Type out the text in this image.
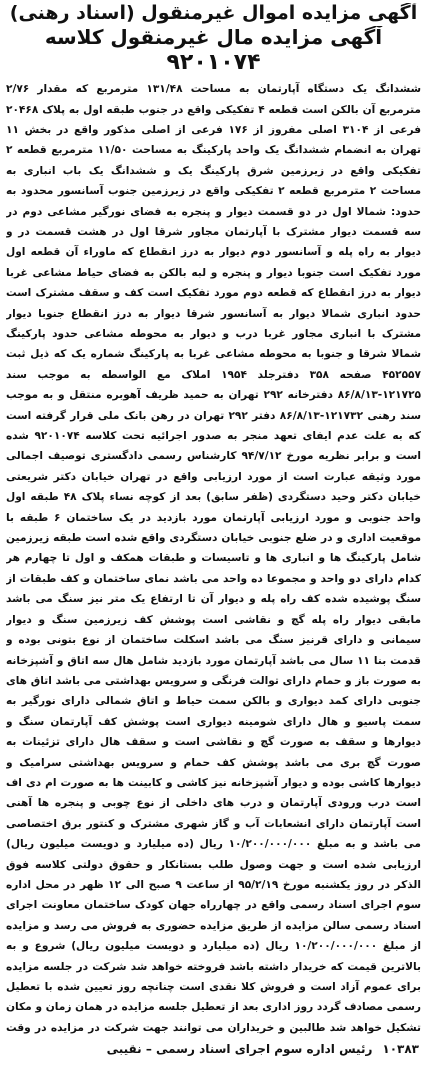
آگهی مزایده اموال غیرمنقول (اسناد رهنی)
آگهی مزایده مال غیرمنقول کلاسه
۹۲۰۱۰۷۴
ششدانگ یک دستگاه آپارتمان به مساحت ۱۳۱/۴۸ مترمربع که مقدار ۲/۷۶ مترمربع آن بالکن است قطعه ۴ تفکیکی واقع در جنوب طبقه اول به پلاک ۲۰۴۶۸ فرعی از ۳۱۰۴ اصلی مفروز از ۱۷۶ فرعی از اصلی مذکور واقع در بخش ۱۱ تهران به انضمام ششدانگ یک واحد پارکینگ به مساحت ۱۱/۵۰ مترمربع قطعه ۲ تفکیکی واقع در زیرزمین شرق پارکینگ یک و ششدانگ یک باب انباری به مساحت ۲ مترمربع قطعه ۲ تفکیکی واقع در زیرزمین جنوب آسانسور محدود به حدود: شمالا اول در دو قسمت دیوار و پنجره به فضای نورگیر مشاعی دوم در سه قسمت دیوار مشترک با آپارتمان مجاور شرقا اول در هشت قسمت در و دیوار به راه پله و آسانسور دوم دیوار به درز انقطاع که ماوراء آن قطعه اول مورد تفکیک است جنوبا دیوار و پنجره و لبه بالکن به فضای حیاط مشاعی غربا دیوار به درز انقطاع که قطعه دوم مورد تفکیک است کف و سقف مشترک است حدود انباری شمالا دیوار به آسانسور شرقا دیوار به درز انقطاع جنوبا دیوار مشترک با انباری مجاور غربا درب و دیوار به محوطه مشاعی حدود پارکینگ شمالا شرقا و جنوبا به محوطه مشاعی غربا به پارکینگ شماره یک که ذیل ثبت ۴۵۲۵۵۷ صفحه ۳۵۸ دفترجلد ۱۹۵۴ املاک مع الواسطه به موجب سند ۱۲۱۷۲۵-۸۶/۸/۱۳ دفترخانه ۲۹۲ تهران به حمید ظریف آهوبره منتقل و به موجب سند رهنی ۱۲۱۷۳۲-۸۶/۸/۱۳ دفتر ۲۹۲ تهران در رهن بانک ملی قرار گرفته است که به علت عدم ایفای تعهد منجر به صدور اجرائیه تحت کلاسه ۹۲۰۱۰۷۴ شده است و برابر نظریه مورخ ۹۴/۷/۱۲ کارشناس رسمی دادگستری توصیف اجمالی مورد وثیقه عبارت است از مورد ارزیابی واقع در تهران خیابان دکتر شریعتی خیابان دکتر وحید دستگردی (ظفر سابق) بعد از کوچه نساء پلاک ۴۸ طبقه اول واحد جنوبی و مورد ارزیابی آپارتمان مورد بازدید در یک ساختمان ۶ طبقه با موقعیت اداری و در ضلع جنوبی خیابان دستگردی واقع شده است طبقه زیرزمین شامل پارکینگ ها و انباری ها و تاسیسات و طبقات همکف و اول تا چهارم هر کدام دارای دو واحد و مجموعا ده واحد می باشد نمای ساختمان و کف طبقات از سنگ پوشیده شده کف راه پله و دیوار آن تا ارتفاع یک متر نیز سنگ می باشد مابقی دیوار راه پله گچ و نقاشی است پوشش کف زیرزمین سنگ و دیوار سیمانی و دارای قرنیز سنگ می باشد اسکلت ساختمان از نوع بتونی بوده و قدمت بنا ۱۱ سال می باشد آپارتمان مورد بازدید شامل هال سه اتاق و آشپزخانه به صورت باز و حمام دارای توالت فرنگی و سرویس بهداشتی می باشد اتاق های جنوبی دارای کمد دیواری و بالکن سمت حیاط و اتاق شمالی دارای نورگیر به سمت پاسیو و هال دارای شومینه دیواری است پوشش کف آپارتمان سنگ و دیوارها و سقف به صورت گچ و نقاشی است و سقف هال دارای تزئینات به صورت گچ بری می باشد پوشش کف حمام و سرویس بهداشتی سرامیک و دیوارها کاشی بوده و دیوار آشپزخانه نیز کاشی و کابینت ها به صورت ام دی اف است درب ورودی آپارتمان و درب های داخلی از نوع چوبی و پنجره ها آهنی است آپارتمان دارای انشعابات آب و گاز شهری مشترک و کنتور برق اختصاصی می باشد و به مبلغ ۱۰/۲۰۰/۰۰۰/۰۰۰ ریال (ده میلیارد و دویست میلیون ریال) ارزیابی شده است و جهت وصول طلب بستانکار و حقوق دولتی کلاسه فوق الذکر در روز یکشنبه مورخ ۹۵/۲/۱۹ از ساعت ۹ صبح الی ۱۲ ظهر در محل اداره سوم اجرای اسناد رسمی واقع در چهارراه جهان کودک ساختمان معاونت اجرای اسناد رسمی سالن مزایده از طریق مزایده حضوری به فروش می رسد و مزایده از مبلغ ۱۰/۲۰۰/۰۰۰/۰۰۰ ریال (ده میلیارد و دویست میلیون ریال) شروع و به بالاترین قیمت که خریدار داشته باشد فروخته خواهد شد شرکت در جلسه مزایده برای عموم آزاد است و فروش کلا نقدی است چنانچه روز تعیین شده با تعطیل رسمی مصادف گردد روز اداری بعد از تعطیل جلسه مزایده در همان زمان و مکان تشکیل خواهد شد طالبین و خریداران می توانند جهت شرکت در مزایده در وقت
۱۰۳۸۳
رئیس اداره سوم اجرای اسناد رسمی – نقیبی
